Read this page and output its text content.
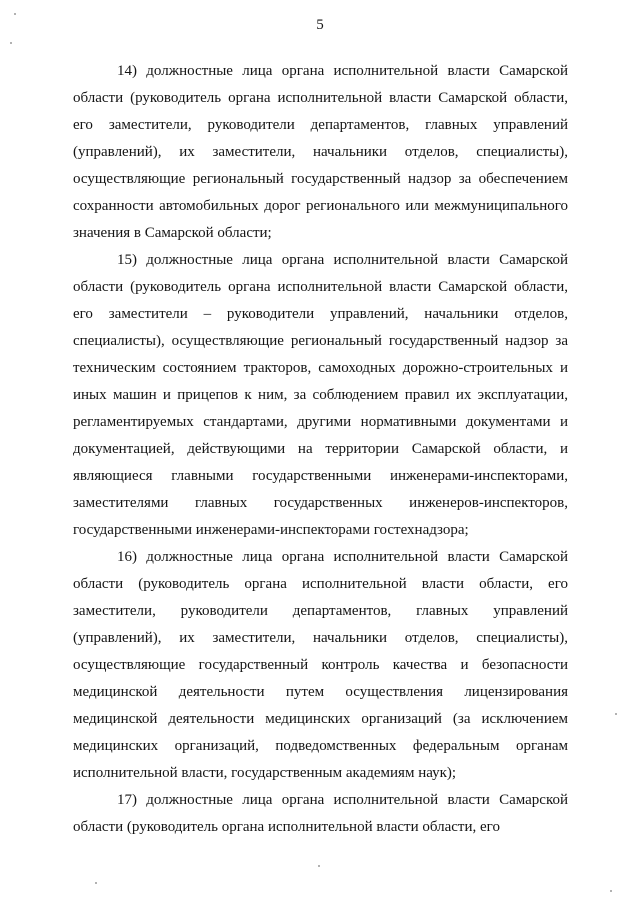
5

14) должностные лица органа исполнительной власти Самарской области (руководитель органа исполнительной власти Самарской области, его заместители, руководители департаментов, главных управлений (управлений), их заместители, начальники отделов, специалисты), осуществляющие региональный государственный надзор за обеспечением сохранности автомобильных дорог регионального или межмуниципального значения в Самарской области;

15) должностные лица органа исполнительной власти Самарской области (руководитель органа исполнительной власти Самарской области, его заместители – руководители управлений, начальники отделов, специалисты), осуществляющие региональный государственный надзор за техническим состоянием тракторов, самоходных дорожно-строительных и иных машин и прицепов к ним, за соблюдением правил их эксплуатации, регламентируемых стандартами, другими нормативными документами и документацией, действующими на территории Самарской области, и являющиеся главными государственными инженерами-инспекторами, заместителями главных государственных инженеров-инспекторов, государственными инженерами-инспекторами гостехнадзора;

16) должностные лица органа исполнительной власти Самарской области (руководитель органа исполнительной власти области, его заместители, руководители департаментов, главных управлений (управлений), их заместители, начальники отделов, специалисты), осуществляющие государственный контроль качества и безопасности медицинской деятельности путем осуществления лицензирования медицинской деятельности медицинских организаций (за исключением медицинских организаций, подведомственных федеральным органам исполнительной власти, государственным академиям наук);

17) должностные лица органа исполнительной власти Самарской области (руководитель органа исполнительной власти области, его
